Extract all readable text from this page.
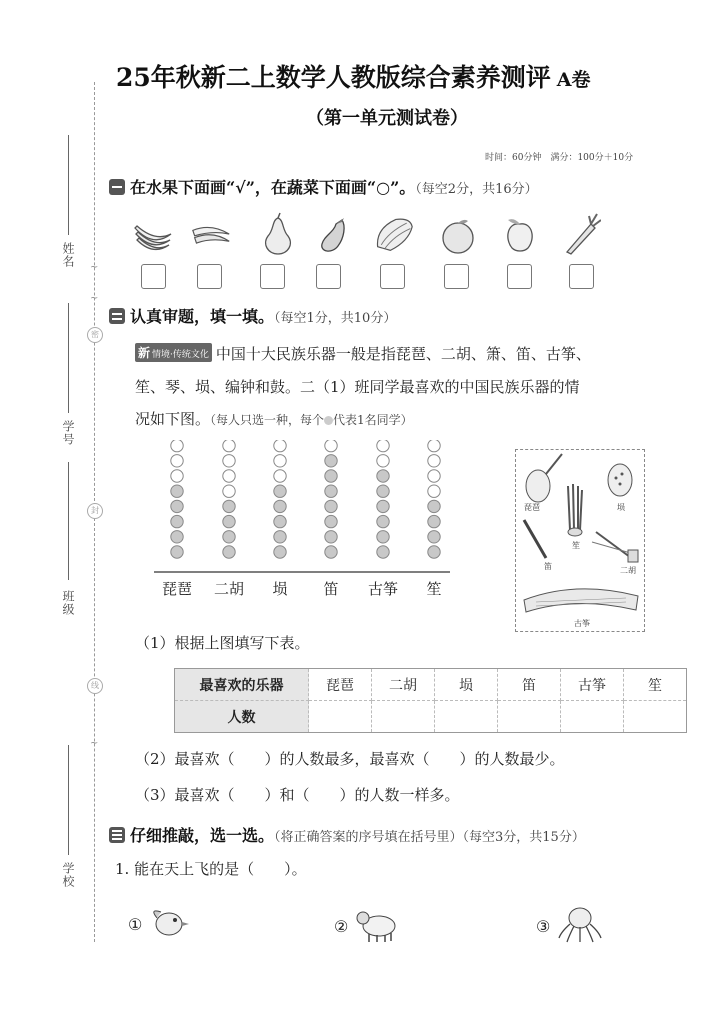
~
~
~
密
封
线
姓名
学号
班级
学校
25年秋新二上数学人教版综合素养测评 A卷
（第一单元测试卷）
时间：60分钟　满分：100分＋10分
在水果下面画“√”，在蔬菜下面画“○”。（每空2分，共16分）
认真审题，填一填。（每空1分，共10分）
新 情境·传统文化 中国十大民族乐器一般是指琵琶、二胡、箫、笛、古筝、
笙、琴、埙、编钟和鼓。二（1）班同学最喜欢的中国民族乐器的情
况如下图。（每人只选一种，每个 代表1名同学）
琵琶 二胡 埙 笛 古筝 笙
琵琶	埙
笙
笛	二胡
古筝
（1）根据上图填写下表。
最喜欢的乐器	琵琶	二胡	埙	笛	古筝	笙
人数						
（2）最喜欢（　　）的人数最多，最喜欢（　　）的人数最少。
（3）最喜欢（　　）和（　　）的人数一样多。
仔细推敲，选一选。（将正确答案的序号填在括号里）（每空3分，共15分）
1. 能在天上飞的是（　　）。
①	②	③
